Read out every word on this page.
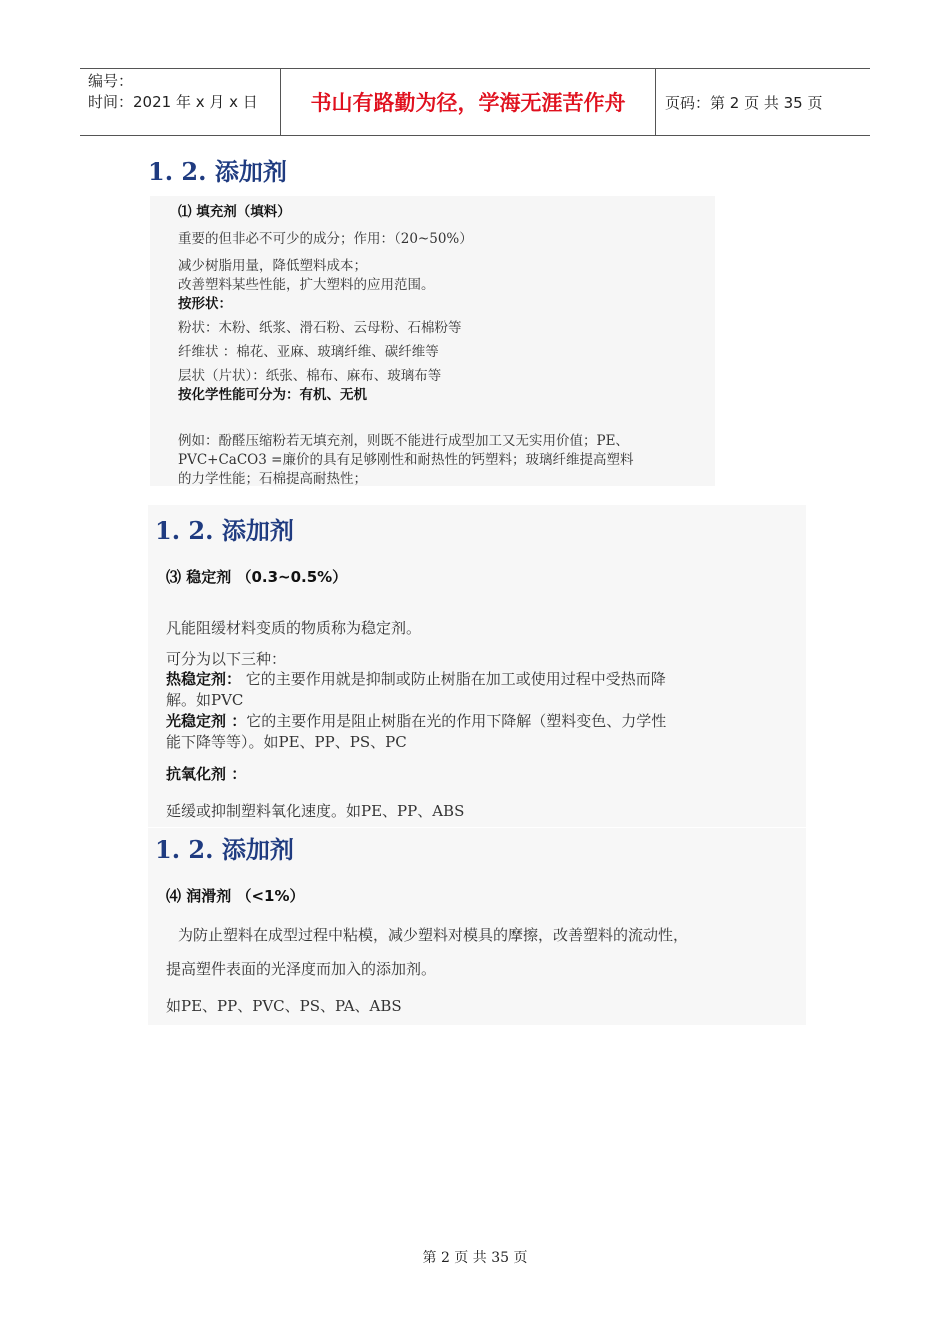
编号：
时间：2021 年 x 月 x 日	书山有路勤为径，学海无涯苦作舟	页码：第 2 页 共 35 页
1. 2. 添加剂
⑴ 填充剂（填料）
重要的但非必不可少的成分；作用：（20~50%）
减少树脂用量，降低塑料成本；
改善塑料某些性能，扩大塑料的应用范围。
按形状：
粉状：木粉、纸浆、滑石粉、云母粉、石棉粉等
纤维状 ：棉花、亚麻、玻璃纤维、碳纤维等
层状（片状）：纸张、棉布、麻布、玻璃布等
按化学性能可分为：有机、无机
例如：酚醛压缩粉若无填充剂，则既不能进行成型加工又无实用价值；PE、
PVC+CaCO3 =廉价的具有足够刚性和耐热性的钙塑料；玻璃纤维提高塑料
的力学性能；石棉提高耐热性；
1. 2. 添加剂
⑶ 稳定剂 （0.3~0.5%）
凡能阻缓材料变质的物质称为稳定剂。
可分为以下三种：
热稳定剂： 它的主要作用就是抑制或防止树脂在加工或使用过程中受热而降
解。如PVC
光稳定剂 ：它的主要作用是阻止树脂在光的作用下降解（塑料变色、力学性
能下降等等）。如PE、PP、PS、PC
抗氧化剂 ：
延缓或抑制塑料氧化速度。如PE、PP、ABS
1. 2. 添加剂
⑷ 润滑剂 （<1%）
为防止塑料在成型过程中粘模，减少塑料对模具的摩擦，改善塑料的流动性，
提高塑件表面的光泽度而加入的添加剂。
如PE、PP、PVC、PS、PA、ABS
第 2 页 共 35 页
